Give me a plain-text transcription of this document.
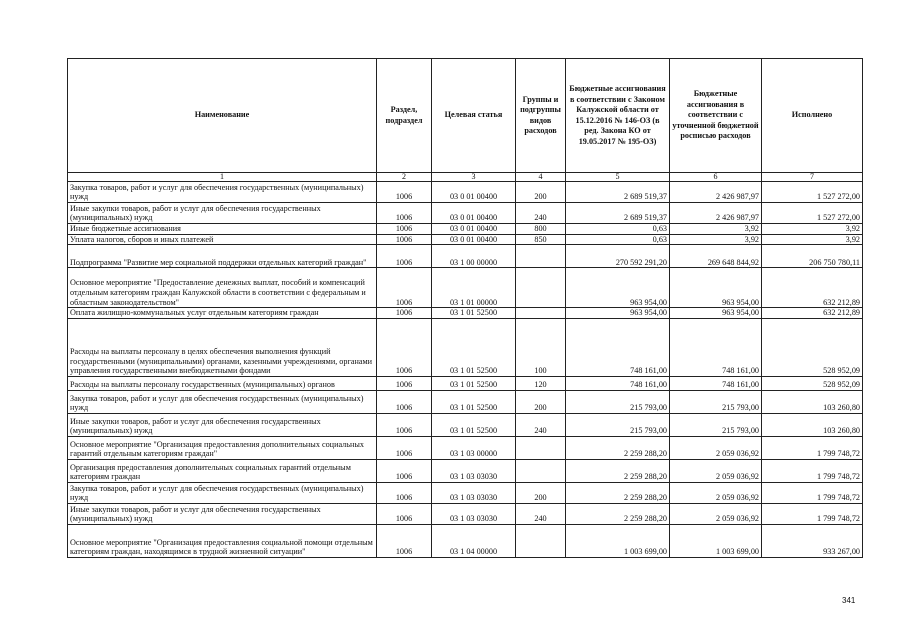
Наименование	Раздел, подраздел	Целевая статья	Группы и подгруппы видов расходов	Бюджетные ассигнования в соответствии с Законом Калужской области от 15.12.2016 № 146-ОЗ (в ред. Закона КО от 19.05.2017 № 195-ОЗ)	Бюджетные ассигнования в соответствии с уточненной бюджетной росписью расходов	Исполнено
1	2	3	4	5	6	7
Закупка товаров, работ и услуг для обеспечения государственных (муниципальных) нужд	1006	03 0 01 00400	200	2 689 519,37	2 426 987,97	1 527 272,00
Иные закупки товаров, работ и услуг для обеспечения государственных (муниципальных) нужд	1006	03 0 01 00400	240	2 689 519,37	2 426 987,97	1 527 272,00
Иные бюджетные ассигнования	1006	03 0 01 00400	800	0,63	3,92	3,92
Уплата налогов, сборов и иных платежей	1006	03 0 01 00400	850	0,63	3,92	3,92
Подпрограмма "Развитие мер социальной поддержки отдельных категорий граждан"	1006	03 1 00 00000		270 592 291,20	269 648 844,92	206 750 780,11
Основное мероприятие "Предоставление денежных выплат, пособий и компенсаций отдельным категориям граждан Калужской области в соответствии с федеральным и областным законодательством"	1006	03 1 01 00000		963 954,00	963 954,00	632 212,89
Оплата жилищно-коммунальных услуг отдельным категориям граждан	1006	03 1 01 52500		963 954,00	963 954,00	632 212,89
Расходы на выплаты персоналу в целях обеспечения выполнения функций государственными (муниципальными) органами, казенными учреждениями, органами управления государственными внебюджетными фондами	1006	03 1 01 52500	100	748 161,00	748 161,00	528 952,09
Расходы на выплаты персоналу государственных (муниципальных) органов	1006	03 1 01 52500	120	748 161,00	748 161,00	528 952,09
Закупка товаров, работ и услуг для обеспечения государственных (муниципальных) нужд	1006	03 1 01 52500	200	215 793,00	215 793,00	103 260,80
Иные закупки товаров, работ и услуг для обеспечения государственных (муниципальных) нужд	1006	03 1 01 52500	240	215 793,00	215 793,00	103 260,80
Основное мероприятие "Организация предоставления дополнительных социальных гарантий отдельным категориям граждан"	1006	03 1 03 00000		2 259 288,20	2 059 036,92	1 799 748,72
Организация предоставления дополнительных социальных гарантий отдельным категориям граждан	1006	03 1 03 03030		2 259 288,20	2 059 036,92	1 799 748,72
Закупка товаров, работ и услуг для обеспечения государственных (муниципальных) нужд	1006	03 1 03 03030	200	2 259 288,20	2 059 036,92	1 799 748,72
Иные закупки товаров, работ и услуг для обеспечения государственных (муниципальных) нужд	1006	03 1 03 03030	240	2 259 288,20	2 059 036,92	1 799 748,72
Основное мероприятие "Организация предоставления социальной помощи отдельным категориям граждан, находящимся в трудной жизненной ситуации"	1006	03 1 04 00000		1 003 699,00	1 003 699,00	933 267,00
341
